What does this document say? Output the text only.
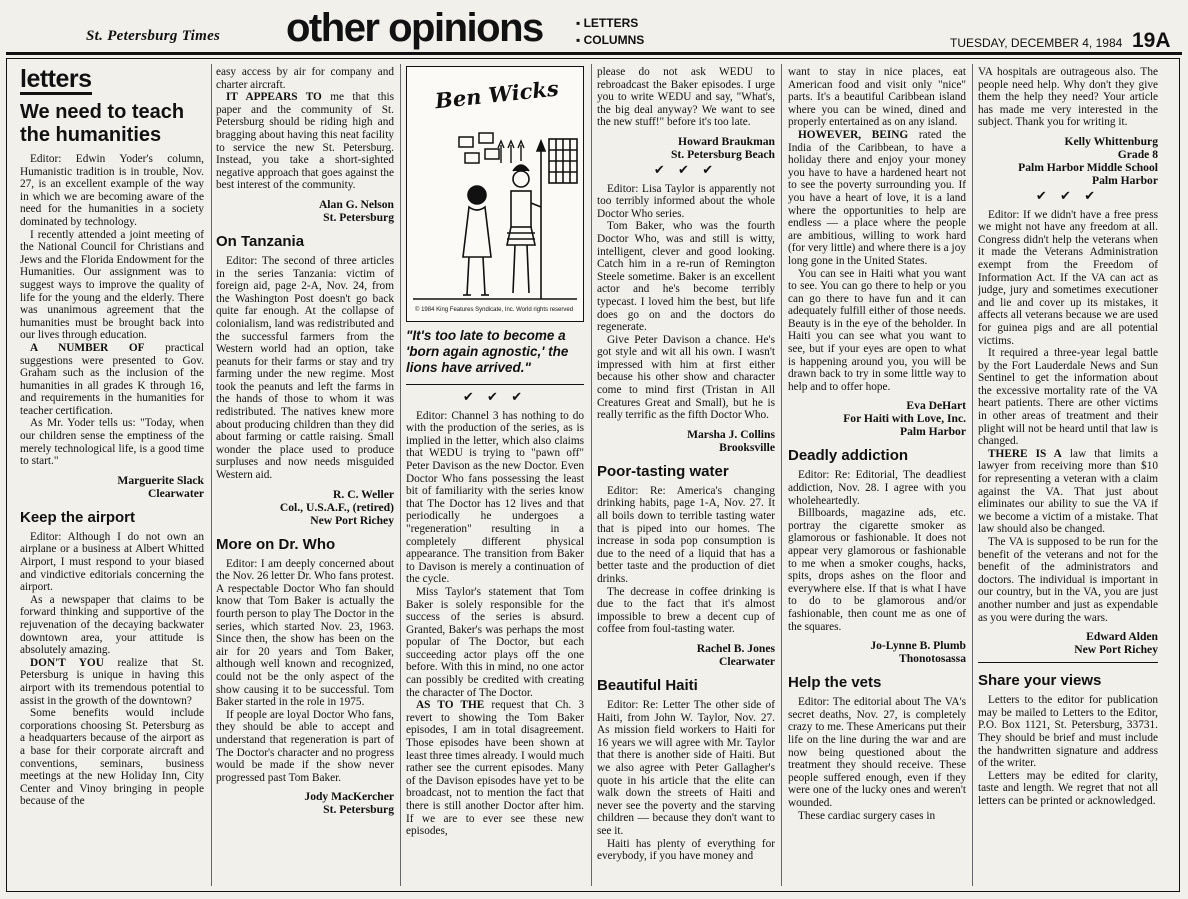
St. Petersburg Times other opinions	▪ LETTERS
▪ COLUMNS	TUESDAY, DECEMBER 4, 1984 19A
letters
We need to teach the humanities

Editor: Edwin Yoder's column, Humanistic tradition is in trouble, Nov. 27, is an excellent example of the way in which we are becoming aware of the need for the humanities in a society dominated by technology.

I recently attended a joint meeting of the National Council for Christians and Jews and the Florida Endowment for the Humanities. Our assignment was to suggest ways to improve the quality of life for the young and the elderly. There was unanimous agreement that the humanities must be brought back into our lives through education.

A NUMBER OF practical suggestions were presented to Gov. Graham such as the inclusion of the humanities in all grades K through 16, and requirements in the humanities for teacher certification.

As Mr. Yoder tells us: "Today, when our children sense the emptiness of the merely technological life, is a good time to start."

Marguerite Slack
Clearwater
Keep the airport

Editor: Although I do not own an airplane or a business at Albert Whitted Airport, I must respond to your biased and vindictive editorials concerning the airport.

As a newspaper that claims to be forward thinking and supportive of the rejuvenation of the decaying backwater downtown area, your attitude is absolutely amazing.

DON'T YOU realize that St. Petersburg is unique in having this airport with its tremendous potential to assist in the growth of the downtown?

Some benefits would include corporations choosing St. Petersburg as a headquarters because of the airport as a base for their corporate aircraft and conventions, seminars, business meetings at the new Holiday Inn, City Center and Vinoy bringing in people because of the

easy access by air for company and charter aircraft.

IT APPEARS TO me that this paper and the community of St. Petersburg should be riding high and bragging about having this neat facility to service the new St. Petersburg. Instead, you take a short-sighted negative approach that goes against the best interest of the community.

Alan G. Nelson
St. Petersburg
On Tanzania

Editor: The second of three articles in the series Tanzania: victim of foreign aid, page 2-A, Nov. 24, from the Washington Post doesn't go back quite far enough. At the collapse of colonialism, land was redistributed and the successful farmers from the Western world had an option, take peanuts for their farms or stay and try farming under the new regime. Most took the peanuts and left the farms in the hands of those to whom it was redistributed. The natives knew more about producing children than they did about farming or cattle raising. Small wonder the place used to produce surpluses and now needs misguided Western aid.

R. C. Weller
Col., U.S.A.F., (retired)
New Port Richey
More on Dr. Who

Editor: I am deeply concerned about the Nov. 26 letter Dr. Who fans protest. A respectable Doctor Who fan should know that Tom Baker is actually the fourth person to play The Doctor in the series, which started Nov. 23, 1963. Since then, the show has been on the air for 20 years and Tom Baker, although well known and recognized, could not be the only aspect of the show causing it to be successful. Tom Baker started in the role in 1975.

If people are loyal Doctor Who fans, they should be able to accept and understand that regeneration is part of The Doctor's character and no progress would be made if the show never progressed past Tom Baker.

Jody MacKercher
St. Petersburg
Ben Wicks
© 1984 King Features Syndicate, Inc. World rights reserved
"It's too late to become a 'born again agnostic,' the lions have arrived."
✔ ✔ ✔

Editor: Channel 3 has nothing to do with the production of the series, as is implied in the letter, which also claims that WEDU is trying to "pawn off" Peter Davison as the new Doctor. Even Doctor Who fans possessing the least bit of familiarity with the series know that The Doctor has 12 lives and that periodically he undergoes a "regeneration" resulting in a completely different physical appearance. The transition from Baker to Davison is merely a continuation of the cycle.

Miss Taylor's statement that Tom Baker is solely responsible for the success of the series is absurd. Granted, Baker's was perhaps the most popular of The Doctor, but each succeeding actor plays off the one before. With this in mind, no one actor can possibly be credited with creating the character of The Doctor.

AS TO THE request that Ch. 3 revert to showing the Tom Baker episodes, I am in total disagreement. Those episodes have been shown at least three times already. I would much rather see the current episodes. Many of the Davison episodes have yet to be broadcast, not to mention the fact that there is still another Doctor after him. If we are to ever see these new episodes,

please do not ask WEDU to rebroadcast the Baker episodes. I urge you to write WEDU and say, "What's, the big deal anyway? We want to see the new stuff!" before it's too late.

Howard Braukman
St. Petersburg Beach
✔ ✔ ✔

Editor: Lisa Taylor is apparently not too terribly informed about the whole Doctor Who series.

Tom Baker, who was the fourth Doctor Who, was and still is witty, intelligent, clever and good looking. Catch him in a re-run of Remington Steele sometime. Baker is an excellent actor and he's become terribly typecast. I loved him the best, but life does go on and the doctors do regenerate.

Give Peter Davison a chance. He's got style and wit all his own. I wasn't impressed with him at first either because his other show and character come to mind first (Tristan in All Creatures Great and Small), but he is really terrific as the fifth Doctor Who.

Marsha J. Collins
Brooksville
Poor-tasting water

Editor: Re: America's changing drinking habits, page 1-A, Nov. 27. It all boils down to terrible tasting water that is piped into our homes. The increase in soda pop consumption is due to the need of a liquid that has a better taste and the production of diet drinks.

The decrease in coffee drinking is due to the fact that it's almost impossible to brew a decent cup of coffee from foul-tasting water.

Rachel B. Jones
Clearwater
Beautiful Haiti

Editor: Re: Letter The other side of Haiti, from John W. Taylor, Nov. 27. As mission field workers to Haiti for 16 years we will agree with Mr. Taylor that there is another side of Haiti. But we also agree with Peter Gallagher's quote in his article that the elite can walk down the streets of Haiti and never see the poverty and the starving children — because they don't want to see it.

Haiti has plenty of everything for everybody, if you have money and

want to stay in nice places, eat American food and visit only "nice" parts. It's a beautiful Caribbean island where you can be wined, dined and properly entertained as on any island.

HOWEVER, BEING rated the India of the Caribbean, to have a holiday there and enjoy your money you have to have a hardened heart not to see the poverty surrounding you. If you have a heart of love, it is a land where the opportunities to help are endless — a place where the people are ambitious, willing to work hard (for very little) and where there is a joy long gone in the United States.

You can see in Haiti what you want to see. You can go there to help or you can go there to have fun and it can adequately fulfill either of those needs. Beauty is in the eye of the beholder. In Haiti you can see what you want to see, but if your eyes are open to what is happening around you, you will be drawn back to try in some little way to help and to offer hope.

Eva DeHart
For Haiti with Love, Inc.
Palm Harbor
Deadly addiction

Editor: Re: Editorial, The deadliest addiction, Nov. 28. I agree with you wholeheartedly.

Billboards, magazine ads, etc. portray the cigarette smoker as glamorous or fashionable. It does not appear very glamorous or fashionable to me when a smoker coughs, hacks, spits, drops ashes on the floor and everywhere else. If that is what I have to do to be glamorous and/or fashionable, then count me as one of the squares.

Jo-Lynne B. Plumb
Thonotosassa
Help the vets

Editor: The editorial about The VA's secret deaths, Nov. 27, is completely crazy to me. These Americans put their life on the line during the war and are now being questioned about the treatment they should receive. These people suffered enough, even if they were one of the lucky ones and weren't wounded.

These cardiac surgery cases in

VA hospitals are outrageous also. The people need help. Why don't they give them the help they need? Your article has made me very interested in the subject. Thank you for writing it.

Kelly Whittenburg
Grade 8
Palm Harbor Middle School
Palm Harbor
✔ ✔ ✔

Editor: If we didn't have a free press we might not have any freedom at all. Congress didn't help the veterans when it made the Veterans Administration exempt from the Freedom of Information Act. If the VA can act as judge, jury and sometimes executioner and lie and cover up its mistakes, it affects all veterans because we are used for guinea pigs and are all potential victims.

It required a three-year legal battle by the Fort Lauderdale News and Sun Sentinel to get the information about the excessive mortality rate of the VA heart patients. There are other victims in other areas of treatment and their plight will not be heard until that law is changed.

THERE IS A law that limits a lawyer from receiving more than $10 for representing a veteran with a claim against the VA. That just about eliminates our ability to sue the VA if we become a victim of a mistake. That law should also be changed.

The VA is supposed to be run for the benefit of the veterans and not for the benefit of the administrators and doctors. The individual is important in our country, but in the VA, you are just another number and just as expendable as you were during the wars.

Edward Alden
New Port Richey
Share your views

Letters to the editor for publication may be mailed to Letters to the Editor, P.O. Box 1121, St. Petersburg, 33731. They should be brief and must include the handwritten signature and address of the writer.

Letters may be edited for clarity, taste and length. We regret that not all letters can be printed or acknowledged.
